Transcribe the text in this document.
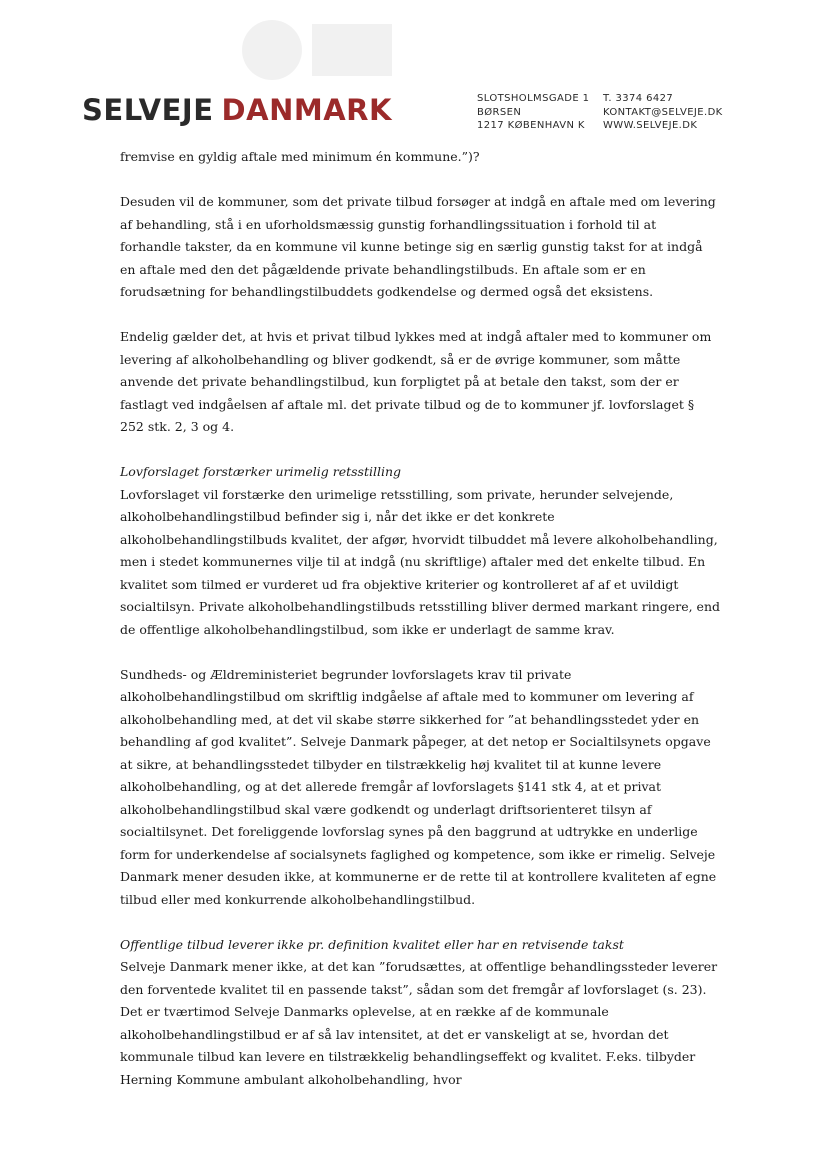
SELVEJE DANMARK	SLOTSHOLMSGADE 1
BØRSEN
1217 KØBENHAVN K
T. 3374 6427
KONTAKT@SELVEJE.DK
WWW.SELVEJE.DK

fremvise en gyldig aftale med minimum én kommune.”)?

Desuden vil de kommuner, som det private tilbud forsøger at indgå en aftale med om levering af behandling, stå i en uforholdsmæssig gunstig forhandlingssituation i forhold til at forhandle takster, da en kommune vil kunne betinge sig en særlig gunstig takst for at indgå en aftale med den det pågældende private behandlingstilbuds. En aftale som er en forudsætning for behandlingstilbuddets godkendelse og dermed også det eksistens.

Endelig gælder det, at hvis et privat tilbud lykkes med at indgå aftaler med to kommuner om levering af alkoholbehandling og bliver godkendt, så er de øvrige kommuner, som måtte anvende det private behandlingstilbud, kun forpligtet på at betale den takst, som der er fastlagt ved indgåelsen af aftale ml. det private tilbud og de to kommuner jf. lovforslaget § 252 stk. 2, 3 og 4.

Lovforslaget forstærker urimelig retsstilling
Lovforslaget vil forstærke den urimelige retsstilling, som private, herunder selvejende, alkoholbehandlingstilbud befinder sig i, når det ikke er det konkrete alkoholbehandlingstilbuds kvalitet, der afgør, hvorvidt tilbuddet må levere alkoholbehandling, men i stedet kommunernes vilje til at indgå (nu skriftlige) aftaler med det enkelte tilbud. En kvalitet som tilmed er vurderet ud fra objektive kriterier og kontrolleret af af et uvildigt socialtilsyn. Private alkoholbehandlingstilbuds retsstilling bliver dermed markant ringere, end de offentlige alkoholbehandlingstilbud, som ikke er underlagt de samme krav.

Sundheds- og Ældreministeriet begrunder lovforslagets krav til private alkoholbehandlingstilbud om skriftlig indgåelse af aftale med to kommuner om levering af alkoholbehandling med, at det vil skabe større sikkerhed for ”at behandlingsstedet yder en behandling af god kvalitet”. Selveje Danmark påpeger, at det netop er Socialtilsynets opgave at sikre, at behandlingsstedet tilbyder en tilstrækkelig høj kvalitet til at kunne levere alkoholbehandling, og at det allerede fremgår af lovforslagets §141 stk 4, at et privat alkoholbehandlingstilbud skal være godkendt og underlagt driftsorienteret tilsyn af socialtilsynet. Det foreliggende lovforslag synes på den baggrund at udtrykke en underlige form for underkendelse af socialsynets faglighed og kompetence, som ikke er rimelig. Selveje Danmark mener desuden ikke, at kommunerne er de rette til at kontrollere kvaliteten af egne tilbud eller med konkurrende alkoholbehandlingstilbud.

Offentlige tilbud leverer ikke pr. definition kvalitet eller har en retvisende takst
Selveje Danmark mener ikke, at det kan ”forudsættes, at offentlige behandlingssteder leverer den forventede kvalitet til en passende takst”, sådan som det fremgår af lovforslaget (s. 23). Det er tværtimod Selveje Danmarks oplevelse, at en række af de kommunale alkoholbehandlingstilbud er af så lav intensitet, at det er vanskeligt at se, hvordan det kommunale tilbud kan levere en tilstrækkelig behandlingseffekt og kvalitet. F.eks. tilbyder Herning Kommune ambulant alkoholbehandling, hvor
